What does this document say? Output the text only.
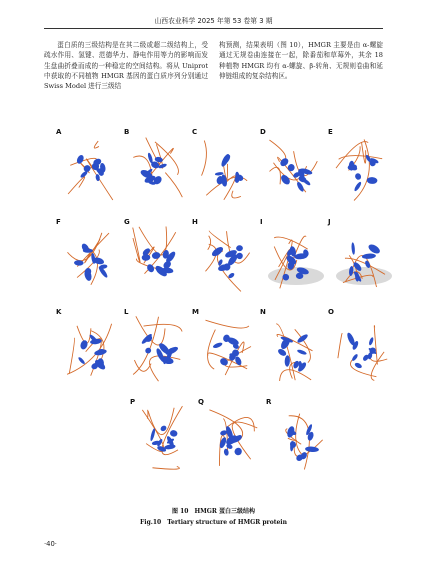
山西农业科学 2025 年第 53 卷第 3 期
蛋白质的三级结构是在其二级或超二级结构上，受疏水作用、氢键、范德华力、静电作用等力的影响而发生盘曲折叠而成的一种稳定的空间结构。将从 Uniprot 中获取的不同植物 HMGR 基因的蛋白质序列分别通过 Swiss Model 进行三级结
构预测，结果表明（图 10），HMGR 主要是由 α-螺旋通过无规卷曲连接在一起，除番茄和草莓外，其余 18 种植物 HMGR 均有 α-螺旋、β-转角、无规则卷曲和延伸链组成的复杂结构区。
A	B	C	D	E
F	G	H	I	J
K	L	M	N	O
P	Q	R
图 10　HMGR 蛋白三级结构
Fig.10　Tertiary structure of HMGR protein
·40·
